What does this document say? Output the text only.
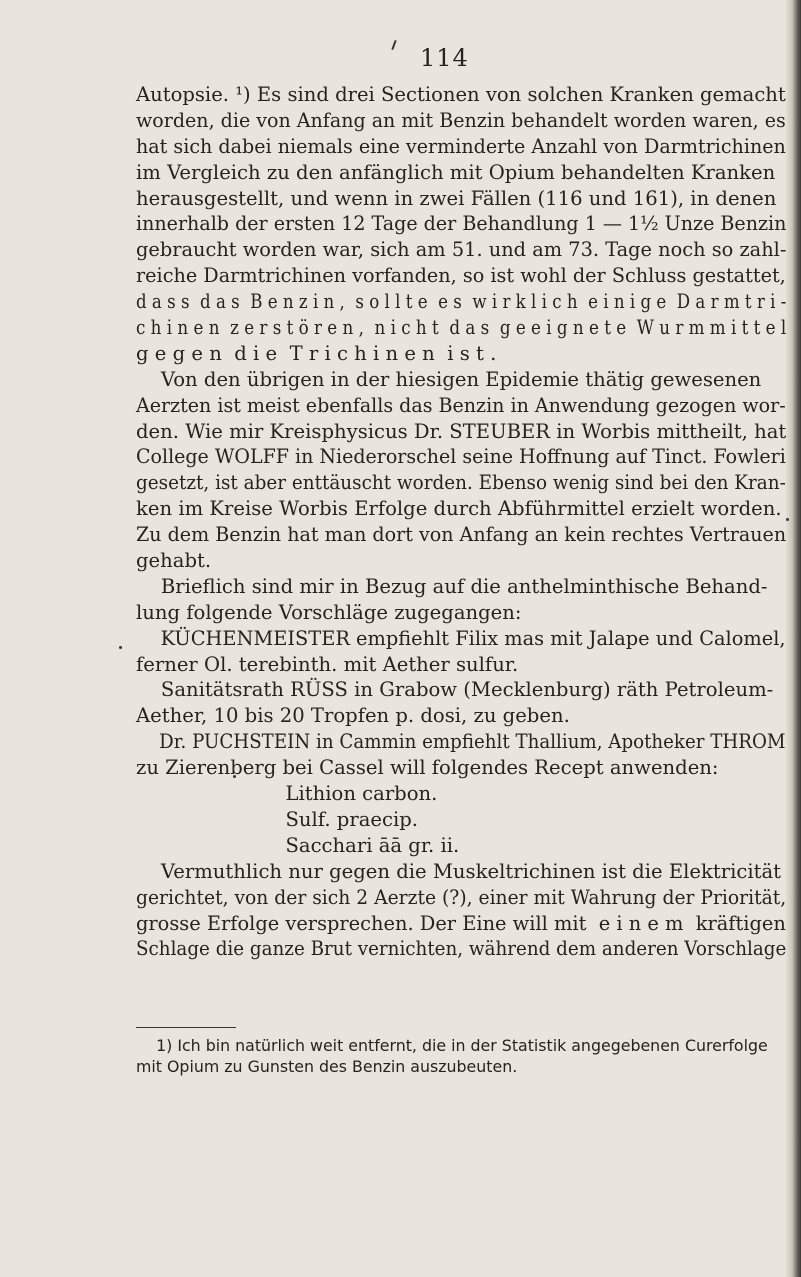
114
Autopsie. ¹) Es sind drei Sectionen von solchen Kranken gemacht
worden, die von Anfang an mit Benzin behandelt worden waren, es
hat sich dabei niemals eine verminderte Anzahl von Darmtrichinen
im Vergleich zu den anfänglich mit Opium behandelten Kranken
herausgestellt, und wenn in zwei Fällen (116 und 161), in denen
innerhalb der ersten 12 Tage der Behandlung 1 — 1½ Unze Benzin
gebraucht worden war, sich am 51. und am 73. Tage noch so zahl-
reiche Darmtrichinen vorfanden, so ist wohl der Schluss gestattet,
d a s s  d a s  B e n z i n ,  s o l l t e  e s  w i r k l i c h  e i n i g e  D a r m t r i -
c h i n e n  z e r s t ö r e n ,  n i c h t  d a s  g e e i g n e t e  W u r m m i t t e l
g e g e n  d i e  T r i c h i n e n  i s t .
Von den übrigen in der hiesigen Epidemie thätig gewesenen
Aerzten ist meist ebenfalls das Benzin in Anwendung gezogen wor-
den. Wie mir Kreisphysicus Dr. STEUBER in Worbis mittheilt, hat
College WOLFF in Niederorschel seine Hoffnung auf Tinct. Fowleri
gesetzt, ist aber enttäuscht worden. Ebenso wenig sind bei den Kran-
ken im Kreise Worbis Erfolge durch Abführmittel erzielt worden.
Zu dem Benzin hat man dort von Anfang an kein rechtes Vertrauen
gehabt.
Brieflich sind mir in Bezug auf die anthelminthische Behand-
lung folgende Vorschläge zugegangen:
KÜCHENMEISTER empfiehlt Filix mas mit Jalape und Calomel,
ferner Ol. terebinth. mit Aether sulfur.
Sanitätsrath RÜSS in Grabow (Mecklenburg) räth Petroleum-
Aether, 10 bis 20 Tropfen p. dosi, zu geben.
Dr. PUCHSTEIN in Cammin empfiehlt Thallium, Apotheker THROM
zu Zierenberg bei Cassel will folgendes Recept anwenden:
Lithion carbon.
Sulf. praecip.
Sacchari āā gr. ii.
Vermuthlich nur gegen die Muskeltrichinen ist die Elektricität
gerichtet, von der sich 2 Aerzte (?), einer mit Wahrung der Priorität,
grosse Erfolge versprechen. Der Eine will mit  e i n e m  kräftigen
Schlage die ganze Brut vernichten, während dem anderen Vorschlage
1) Ich bin natürlich weit entfernt, die in der Statistik angegebenen Curerfolge
mit Opium zu Gunsten des Benzin auszubeuten.
